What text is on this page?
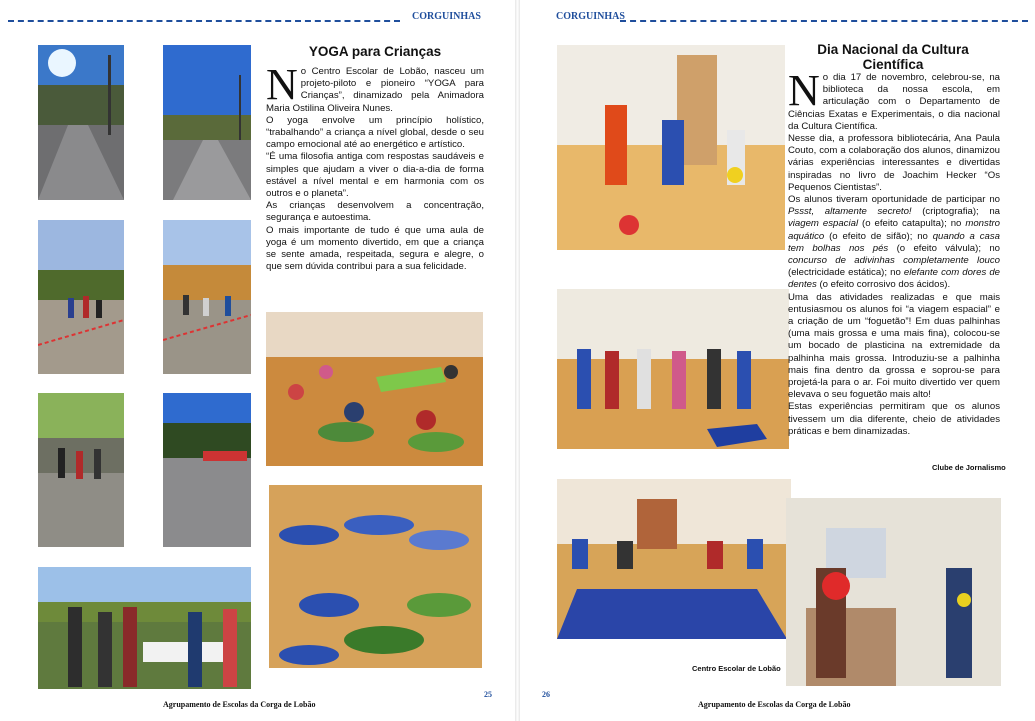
CORGUINHAS
YOGA para Crianças

No Centro Escolar de Lobão, nasceu um projeto-piloto e pioneiro “YOGA para Crianças”, dinamizado pela Animadora Maria Ostilina Oliveira Nunes.

O yoga envolve um princípio holístico, “trabalhando” a criança a nível global, desde o seu campo emocional até ao energético e artístico.

“É uma filosofia antiga com respostas saudáveis e simples que ajudam a viver o dia-a-dia de forma estável a nível mental e em harmonia com os outros e o planeta”.

As crianças desenvolvem a concentração, segurança e autoestima.

O mais importante de tudo é que uma aula de yoga é um momento divertido, em que a criança se sente amada, respeitada, segura e alegre, o que sem dúvida contribui para a sua felicidade.

25
Agrupamento de Escolas da Corga de Lobão
CORGUINHAS
Dia Nacional da Cultura Científica

No dia 17 de novembro, celebrou-se, na biblioteca da nossa escola, em articulação com o Departamento de Ciências Exatas e Experimentais, o dia nacional da Cultura Científica.

Nesse dia, a professora bibliotecária, Ana Paula Couto, com a colaboração dos alunos, dinamizou várias experiências interessantes e divertidas inspiradas no livro de Joachim Hecker “Os Pequenos Cientistas”.

Os alunos tiveram oportunidade de participar no Pssst, altamente secreto! (criptografia); na viagem espacial (o efeito catapulta); no monstro aquático (o efeito de sifão); no quando a casa tem bolhas nos pés (o efeito válvula); no concurso de adivinhas completamente louco (electricidade estática); no elefante com dores de dentes (o efeito corrosivo dos ácidos).

Uma das atividades realizadas e que mais entusiasmou os alunos foi “a viagem espacial” e a criação de um “foguetão”! Em duas palhinhas (uma mais grossa e uma mais fina), colocou-se um bocado de plasticina na extremidade da palhinha mais grossa. Introduziu-se a palhinha mais fina dentro da grossa e soprou-se para projetá-la para o ar. Foi muito divertido ver quem elevava o seu foguetão mais alto!

Estas experiências permitiram que os alunos tivessem um dia diferente, cheio de atividades práticas e bem dinamizadas.

Clube de Jornalismo
Centro Escolar de Lobão
26
Agrupamento de Escolas da Corga de Lobão
